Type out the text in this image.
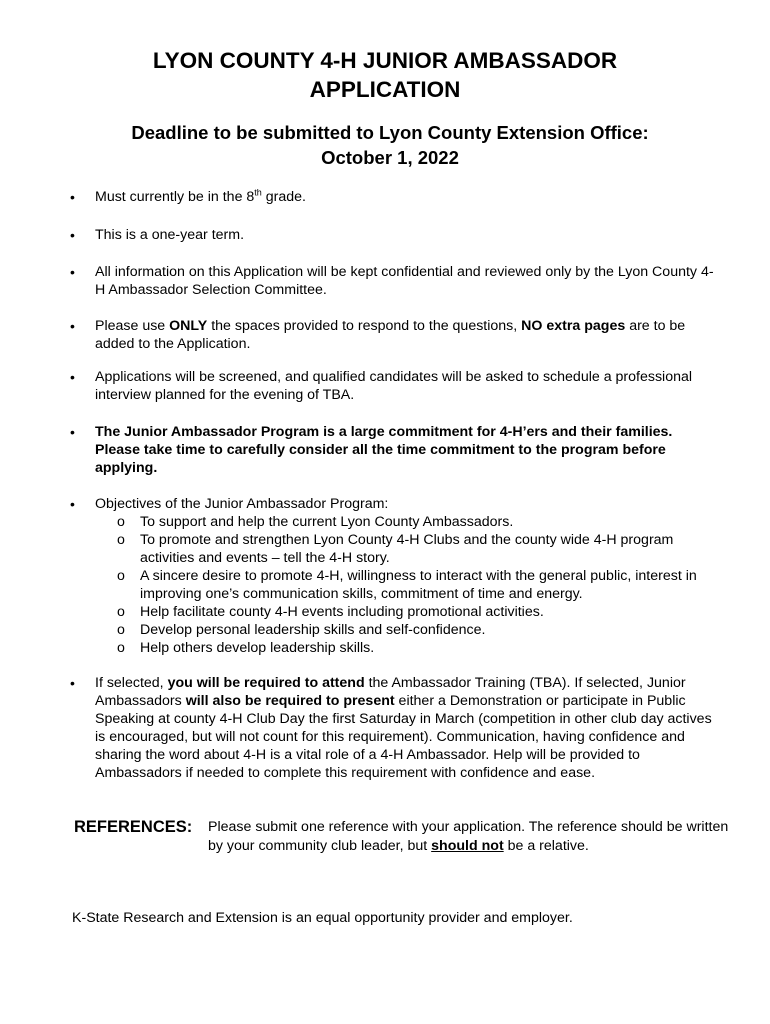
LYON COUNTY 4-H JUNIOR AMBASSADOR
APPLICATION
Deadline to be submitted to Lyon County Extension Office:
October 1, 2022
• Must currently be in the 8th grade.

• This is a one-year term.

• All information on this Application will be kept confidential and reviewed only by the Lyon County 4-H Ambassador Selection Committee.

• Please use ONLY the spaces provided to respond to the questions, NO extra pages are to be added to the Application.

• Applications will be screened, and qualified candidates will be asked to schedule a professional interview planned for the evening of TBA.

• The Junior Ambassador Program is a large commitment for 4-H’ers and their families. Please take time to carefully consider all the time commitment to the program before applying.

• Objectives of the Junior Ambassador Program:

o To support and help the current Lyon County Ambassadors.

o To promote and strengthen Lyon County 4-H Clubs and the county wide 4-H program activities and events – tell the 4-H story.

o A sincere desire to promote 4-H, willingness to interact with the general public, interest in improving one’s communication skills, commitment of time and energy.

o Help facilitate county 4-H events including promotional activities.

o Develop personal leadership skills and self-confidence.

o Help others develop leadership skills.

• If selected, you will be required to attend the Ambassador Training (TBA). If selected, Junior Ambassadors will also be required to present either a Demonstration or participate in Public Speaking at county 4-H Club Day the first Saturday in March (competition in other club day actives is encouraged, but will not count for this requirement). Communication, having confidence and sharing the word about 4-H is a vital role of a 4-H Ambassador. Help will be provided to Ambassadors if needed to complete this requirement with confidence and ease.

REFERENCES: Please submit one reference with your application. The reference should be written by your community club leader, but should not be a relative.
K-State Research and Extension is an equal opportunity provider and employer.
